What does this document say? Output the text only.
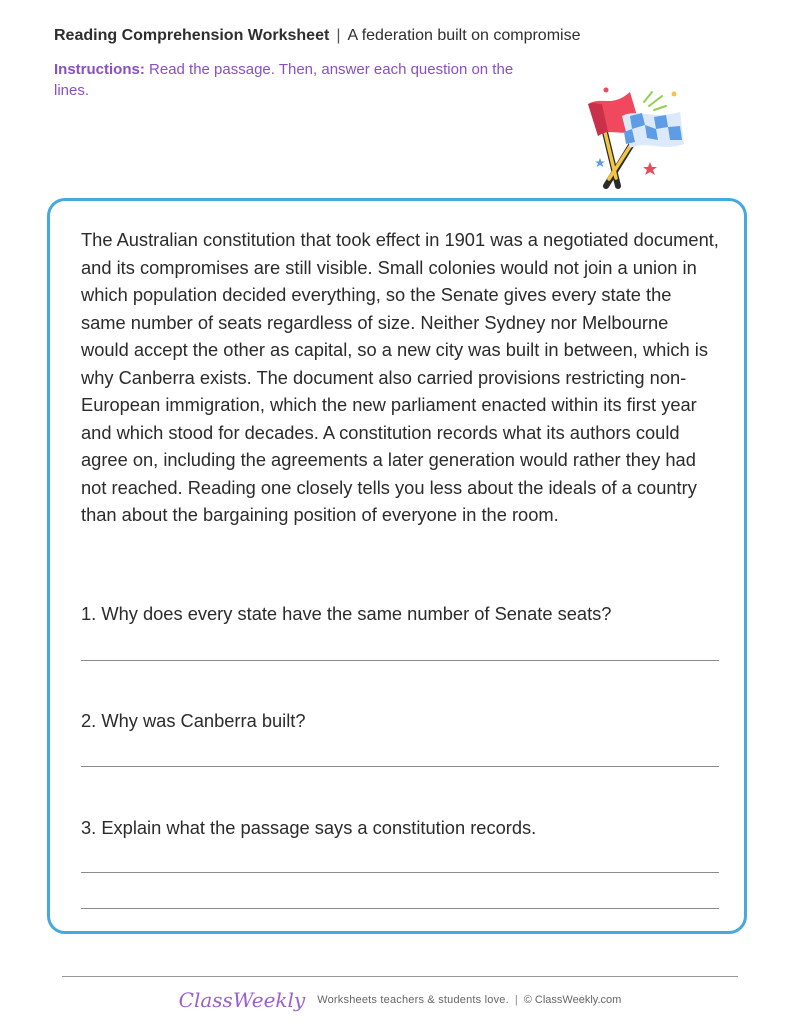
Reading Comprehension Worksheet | A federation built on compromise
Instructions: Read the passage. Then, answer each question on the lines.
The Australian constitution that took effect in 1901 was a negotiated document, and its compromises are still visible. Small colonies would not join a union in which population decided everything, so the Senate gives every state the same number of seats regardless of size. Neither Sydney nor Melbourne would accept the other as capital, so a new city was built in between, which is why Canberra exists. The document also carried provisions restricting non-European immigration, which the new parliament enacted within its first year and which stood for decades. A constitution records what its authors could agree on, including the agreements a later generation would rather they had not reached. Reading one closely tells you less about the ideals of a country than about the bargaining position of everyone in the room.
1. Why does every state have the same number of Senate seats?
2. Why was Canberra built?
3. Explain what the passage says a constitution records.
ClassWeekly Worksheets teachers & students love. | © ClassWeekly.com
